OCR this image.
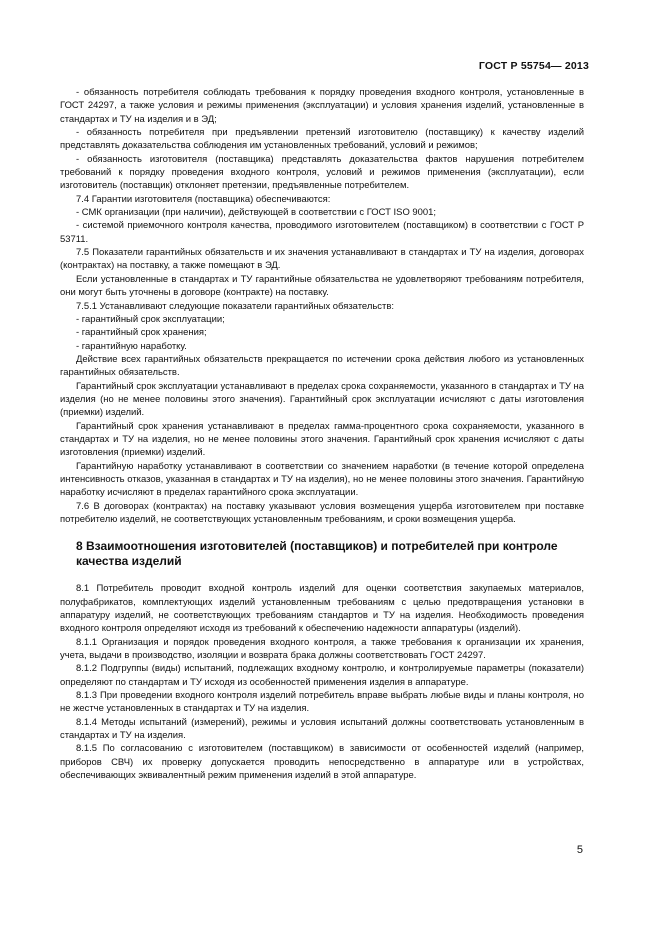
ГОСТ Р 55754— 2013

- обязанность потребителя соблюдать требования к порядку проведения входного контроля, установленные в ГОСТ 24297, а также условия и режимы применения (эксплуатации) и условия хранения изделий, установленные в стандартах и ТУ на изделия и в ЭД;

- обязанность потребителя при предъявлении претензий изготовителю (поставщику) к качеству изделий представлять доказательства соблюдения им установленных требований, условий и режимов;

- обязанность изготовителя (поставщика) представлять доказательства фактов нарушения потребителем требований к порядку проведения входного контроля, условий и режимов применения (эксплуатации), если изготовитель (поставщик) отклоняет претензии, предъявленные потребителем.

7.4 Гарантии изготовителя (поставщика) обеспечиваются:

- СМК организации (при наличии), действующей в соответствии с ГОСТ ISO 9001;

- системой приемочного контроля качества, проводимого изготовителем (поставщиком) в соответствии с ГОСТ Р 53711.

7.5 Показатели гарантийных обязательств и их значения устанавливают в стандартах и ТУ на изделия, договорах (контрактах) на поставку, а также помещают в ЭД.

Если установленные в стандартах и ТУ гарантийные обязательства не удовлетворяют требованиям потребителя, они могут быть уточнены в договоре (контракте) на поставку.

7.5.1 Устанавливают следующие показатели гарантийных обязательств:

- гарантийный срок эксплуатации;

- гарантийный срок хранения;

- гарантийную наработку.

Действие всех гарантийных обязательств прекращается по истечении срока действия любого из установленных гарантийных обязательств.

Гарантийный срок эксплуатации устанавливают в пределах срока сохраняемости, указанного в стандартах и ТУ на изделия (но не менее половины этого значения). Гарантийный срок эксплуатации исчисляют с даты изготовления (приемки) изделий.

Гарантийный срок хранения устанавливают в пределах гамма-процентного срока сохраняемости, указанного в стандартах и ТУ на изделия, но не менее половины этого значения. Гарантийный срок хранения исчисляют с даты изготовления (приемки) изделий.

Гарантийную наработку устанавливают в соответствии со значением наработки (в течение которой определена интенсивность отказов, указанная в стандартах и ТУ на изделия), но не менее половины этого значения. Гарантийную наработку исчисляют в пределах гарантийного срока эксплуатации.

7.6 В договорах (контрактах) на поставку указывают условия возмещения ущерба изготовителем при поставке потребителю изделий, не соответствующих установленным требованиям, и сроки возмещения ущерба.

8 Взаимоотношения изготовителей (поставщиков) и потребителей при контроле качества изделий

8.1 Потребитель проводит входной контроль изделий для оценки соответствия закупаемых материалов, полуфабрикатов, комплектующих изделий установленным требованиям с целью предотвращения установки в аппаратуру изделий, не соответствующих требованиям стандартов и ТУ на изделия. Необходимость проведения входного контроля определяют исходя из требований к обеспечению надежности аппаратуры (изделий).

8.1.1 Организация и порядок проведения входного контроля, а также требования к организации их хранения, учета, выдачи в производство, изоляции и возврата брака должны соответствовать ГОСТ 24297.

8.1.2 Подгруппы (виды) испытаний, подлежащих входному контролю, и контролируемые параметры (показатели) определяют по стандартам и ТУ исходя из особенностей применения изделия в аппаратуре.

8.1.3 При проведении входного контроля изделий потребитель вправе выбрать любые виды и планы контроля, но не жестче установленных в стандартах и ТУ на изделия.

8.1.4 Методы испытаний (измерений), режимы и условия испытаний должны соответствовать установленным в стандартах и ТУ на изделия.

8.1.5 По согласованию с изготовителем (поставщиком) в зависимости от особенностей изделий (например, приборов СВЧ) их проверку допускается проводить непосредственно в аппаратуре или в устройствах, обеспечивающих эквивалентный режим применения изделий в этой аппаратуре.

5
